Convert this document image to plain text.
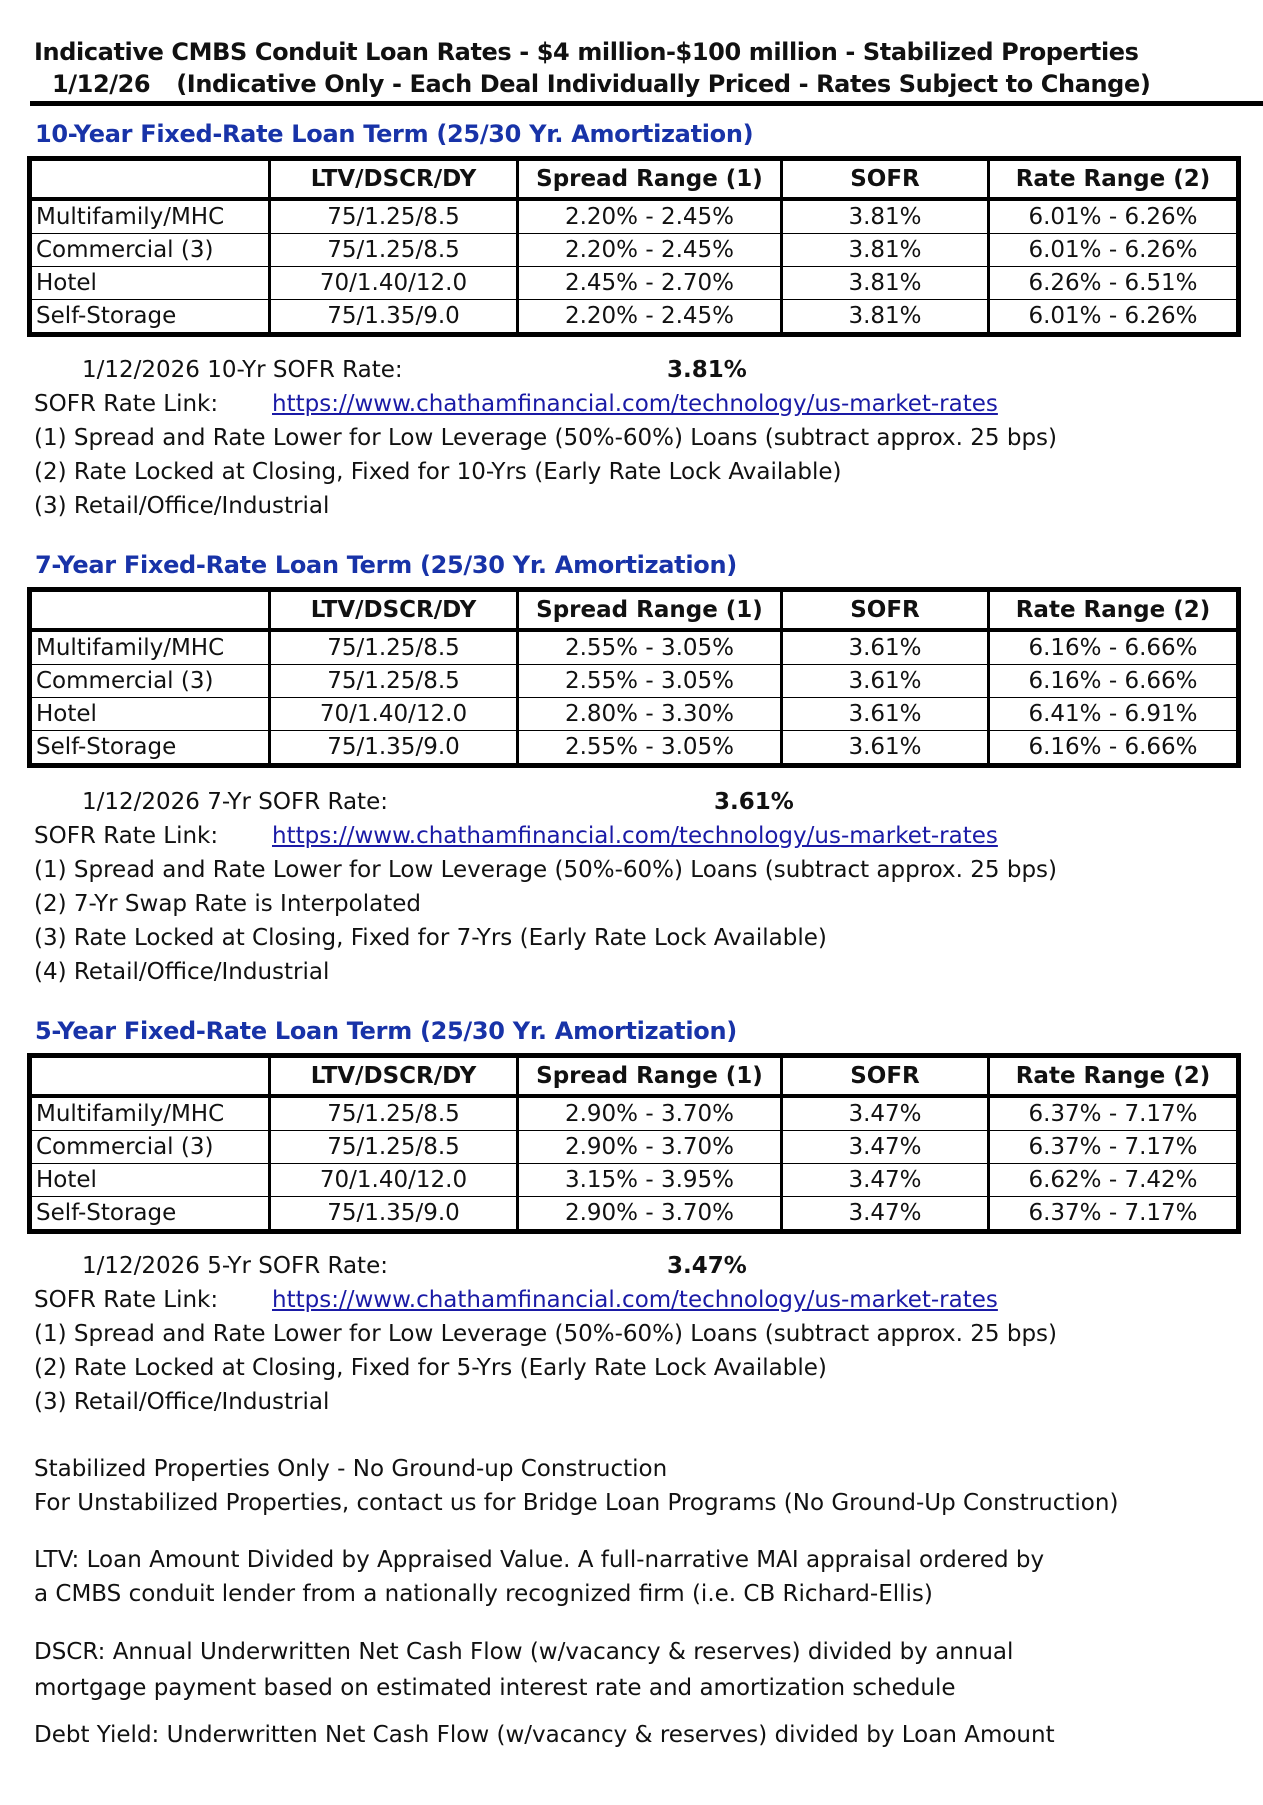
Indicative CMBS Conduit Loan Rates - $4 million-$100 million - Stabilized Properties
1/12/26 (Indicative Only - Each Deal Individually Priced - Rates Subject to Change)
10-Year Fixed-Rate Loan Term (25/30 Yr. Amortization)
	LTV/DSCR/DY	Spread Range (1)	SOFR	Rate Range (2)
Multifamily/MHC	75/1.25/8.5	2.20% - 2.45%	3.81%	6.01% - 6.26%
Commercial (3)	75/1.25/8.5	2.20% - 2.45%	3.81%	6.01% - 6.26%
Hotel	70/1.40/12.0	2.45% - 2.70%	3.81%	6.26% - 6.51%
Self-Storage	75/1.35/9.0	2.20% - 2.45%	3.81%	6.01% - 6.26%
1/12/2026 10-Yr SOFR Rate:	3.81%
SOFR Rate Link: https://www.chathamfinancial.com/technology/us-market-rates
(1) Spread and Rate Lower for Low Leverage (50%-60%) Loans (subtract approx. 25 bps)
(2) Rate Locked at Closing, Fixed for 10-Yrs (Early Rate Lock Available)
(3) Retail/Office/Industrial
7-Year Fixed-Rate Loan Term (25/30 Yr. Amortization)
	LTV/DSCR/DY	Spread Range (1)	SOFR	Rate Range (2)
Multifamily/MHC	75/1.25/8.5	2.55% - 3.05%	3.61%	6.16% - 6.66%
Commercial (3)	75/1.25/8.5	2.55% - 3.05%	3.61%	6.16% - 6.66%
Hotel	70/1.40/12.0	2.80% - 3.30%	3.61%	6.41% - 6.91%
Self-Storage	75/1.35/9.0	2.55% - 3.05%	3.61%	6.16% - 6.66%
1/12/2026 7-Yr SOFR Rate:	3.61%
SOFR Rate Link: https://www.chathamfinancial.com/technology/us-market-rates
(1) Spread and Rate Lower for Low Leverage (50%-60%) Loans (subtract approx. 25 bps)
(2) 7-Yr Swap Rate is Interpolated
(3) Rate Locked at Closing, Fixed for 7-Yrs (Early Rate Lock Available)
(4) Retail/Office/Industrial
5-Year Fixed-Rate Loan Term (25/30 Yr. Amortization)
	LTV/DSCR/DY	Spread Range (1)	SOFR	Rate Range (2)
Multifamily/MHC	75/1.25/8.5	2.90% - 3.70%	3.47%	6.37% - 7.17%
Commercial (3)	75/1.25/8.5	2.90% - 3.70%	3.47%	6.37% - 7.17%
Hotel	70/1.40/12.0	3.15% - 3.95%	3.47%	6.62% - 7.42%
Self-Storage	75/1.35/9.0	2.90% - 3.70%	3.47%	6.37% - 7.17%
1/12/2026 5-Yr SOFR Rate:	3.47%
SOFR Rate Link: https://www.chathamfinancial.com/technology/us-market-rates
(1) Spread and Rate Lower for Low Leverage (50%-60%) Loans (subtract approx. 25 bps)
(2) Rate Locked at Closing, Fixed for 5-Yrs (Early Rate Lock Available)
(3) Retail/Office/Industrial
Stabilized Properties Only - No Ground-up Construction
For Unstabilized Properties, contact us for Bridge Loan Programs (No Ground-Up Construction)
LTV: Loan Amount Divided by Appraised Value. A full-narrative MAI appraisal ordered by
a CMBS conduit lender from a nationally recognized firm (i.e. CB Richard-Ellis)
DSCR: Annual Underwritten Net Cash Flow (w/vacancy & reserves) divided by annual
mortgage payment based on estimated interest rate and amortization schedule
Debt Yield: Underwritten Net Cash Flow (w/vacancy & reserves) divided by Loan Amount
